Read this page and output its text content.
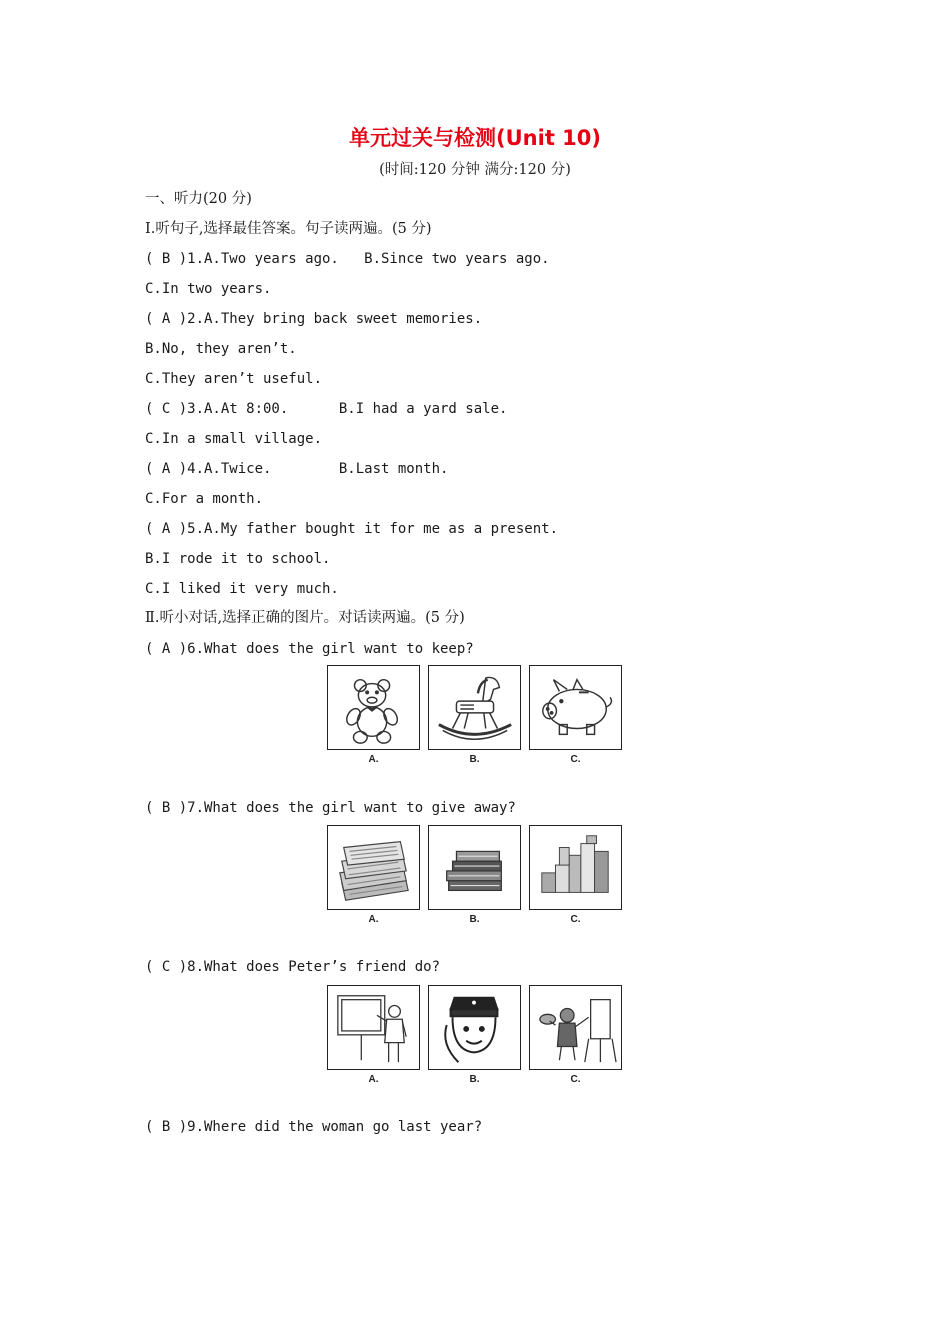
单元过关与检测(Unit 10)
(时间:120 分钟 满分:120 分)
一、听力(20 分)
Ⅰ.听句子,选择最佳答案。句子读两遍。(5 分)
( B )1.A.Two years ago.   B.Since two years ago.
C.In two years.
( A )2.A.They bring back sweet memories.
B.No, they aren’t.
C.They aren’t useful.
( C )3.A.At 8:00.      B.I had a yard sale.
C.In a small village.
( A )4.A.Twice.        B.Last month.
C.For a month.
( A )5.A.My father bought it for me as a present.
B.I rode it to school.
C.I liked it very much.
Ⅱ.听小对话,选择正确的图片。对话读两遍。(5 分)
( A )6.What does the girl want to keep?
A.	B.	C.
( B )7.What does the girl want to give away?
A.	B.	C.
( C )8.What does Peter’s friend do?
A.	B.	C.
( B )9.Where did the woman go last year?
